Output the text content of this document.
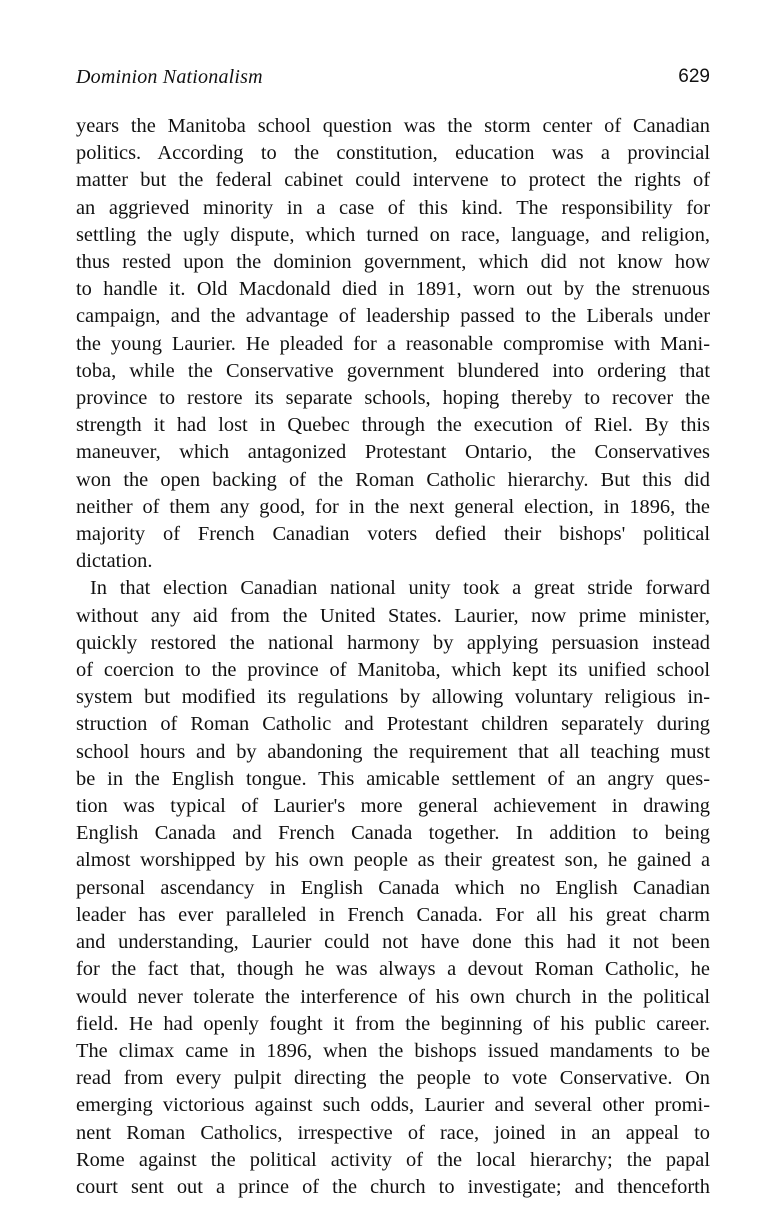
Dominion Nationalism	629
years the Manitoba school question was the storm center of Canadian
politics. According to the constitution, education was a provincial
matter but the federal cabinet could intervene to protect the rights of
an aggrieved minority in a case of this kind. The responsibility for
settling the ugly dispute, which turned on race, language, and religion,
thus rested upon the dominion government, which did not know how
to handle it. Old Macdonald died in 1891, worn out by the strenuous
campaign, and the advantage of leadership passed to the Liberals under
the young Laurier. He pleaded for a reasonable compromise with Mani-
toba, while the Conservative government blundered into ordering that
province to restore its separate schools, hoping thereby to recover the
strength it had lost in Quebec through the execution of Riel. By this
maneuver, which antagonized Protestant Ontario, the Conservatives
won the open backing of the Roman Catholic hierarchy. But this did
neither of them any good, for in the next general election, in 1896, the
majority of French Canadian voters defied their bishops' political
dictation.
In that election Canadian national unity took a great stride forward
without any aid from the United States. Laurier, now prime minister,
quickly restored the national harmony by applying persuasion instead
of coercion to the province of Manitoba, which kept its unified school
system but modified its regulations by allowing voluntary religious in-
struction of Roman Catholic and Protestant children separately during
school hours and by abandoning the requirement that all teaching must
be in the English tongue. This amicable settlement of an angry ques-
tion was typical of Laurier's more general achievement in drawing
English Canada and French Canada together. In addition to being
almost worshipped by his own people as their greatest son, he gained a
personal ascendancy in English Canada which no English Canadian
leader has ever paralleled in French Canada. For all his great charm
and understanding, Laurier could not have done this had it not been
for the fact that, though he was always a devout Roman Catholic, he
would never tolerate the interference of his own church in the political
field. He had openly fought it from the beginning of his public career.
The climax came in 1896, when the bishops issued mandaments to be
read from every pulpit directing the people to vote Conservative. On
emerging victorious against such odds, Laurier and several other promi-
nent Roman Catholics, irrespective of race, joined in an appeal to
Rome against the political activity of the local hierarchy; the papal
court sent out a prince of the church to investigate; and thenceforth
